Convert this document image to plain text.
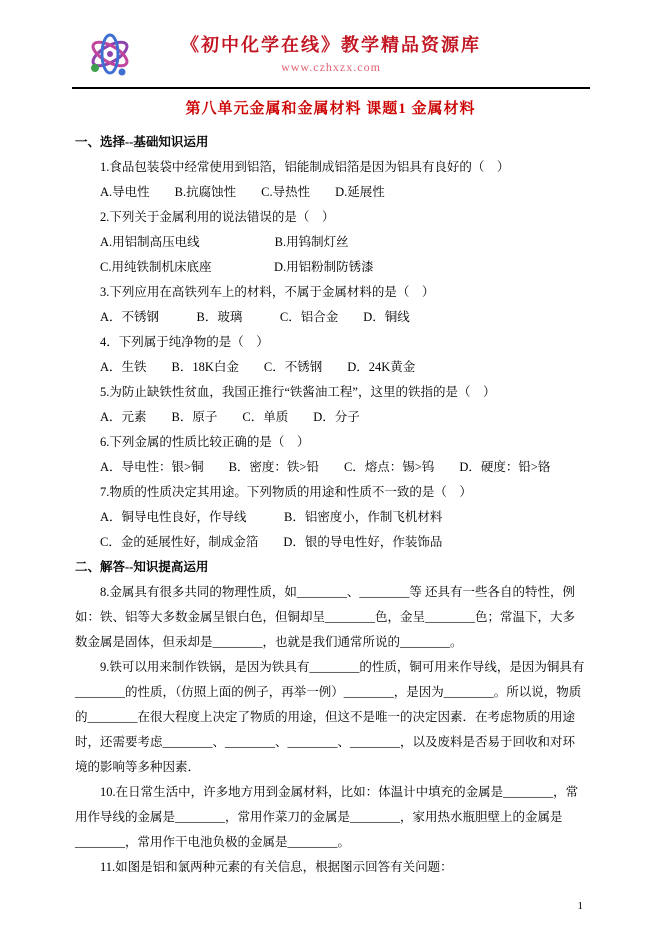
《初中化学在线》教学精品资源库
www.czhxzx.com
第八单元金属和金属材料 课题1 金属材料

一、选择--基础知识运用

1.食品包装袋中经常使用到铝箔，铝能制成铝箔是因为铝具有良好的（　）

A.导电性　　B.抗腐蚀性　　C.导热性　　D.延展性

2.下列关于金属利用的说法错误的是（　）

A.用铝制高压电线　　　　　　B.用钨制灯丝

C.用纯铁制机床底座　　　　　D.用铝粉制防锈漆

3.下列应用在高铁列车上的材料，不属于金属材料的是（　）

A．不锈钢　　　B．玻璃　　　C．铝合金　　D．铜线

4．下列属于纯净物的是（　）

A．生铁　　B．18K白金　　C．不锈钢　　D．24K黄金

5.为防止缺铁性贫血，我国正推行“铁酱油工程”，这里的铁指的是（　）

A．元素　　B．原子　　C．单质　　D．分子

6.下列金属的性质比较正确的是（　）

A．导电性：银>铜　　B．密度：铁>铅　　C．熔点：锡>钨　　D．硬度：铅>铬

7.物质的性质决定其用途。下列物质的用途和性质不一致的是（　）

A．铜导电性良好，作导线　　　B．铝密度小，作制飞机材料

C．金的延展性好，制成金箔　　D．银的导电性好，作装饰品

二、解答--知识提高运用

8.金属具有很多共同的物理性质，如________、________等 还具有一些各自的特性，例如：铁、铝等大多数金属呈银白色，但铜却呈________色，金呈________色；常温下，大多数金属是固体，但汞却是________，也就是我们通常所说的________。

9.铁可以用来制作铁锅，是因为铁具有________的性质，铜可用来作导线，是因为铜具有________的性质，（仿照上面的例子，再举一例）________，是因为________。所以说，物质的________在很大程度上决定了物质的用途，但这不是唯一的决定因素．在考虑物质的用途时，还需要考虑________、________、________、________，以及废料是否易于回收和对环境的影响等多种因素．

10.在日常生活中，许多地方用到金属材料，比如：体温计中填充的金属是________，常用作导线的金属是________，常用作菜刀的金属是________，家用热水瓶胆壁上的金属是________，常用作干电池负极的金属是________。

11.如图是铝和氯两种元素的有关信息，根据图示回答有关问题：

1
